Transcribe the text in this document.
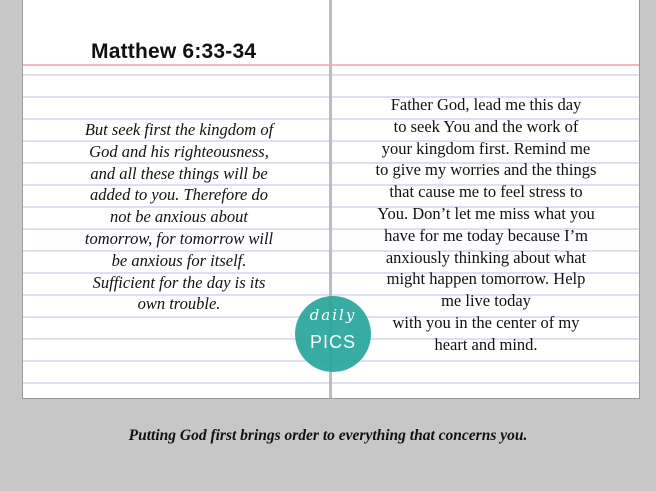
Matthew 6:33-34
But seek first the kingdom of
God and his righteousness,
and all these things will be
added to you. Therefore do
not be anxious about
tomorrow, for tomorrow will
be anxious for itself.
Sufficient for the day is its
own trouble.
Father God, lead me this day
to seek You and the work of
your kingdom first. Remind me
to give my worries and the things
that cause me to feel stress to
You. Don’t let me miss what you
have for me today because I’m
anxiously thinking about what
might happen tomorrow. Help
me live today
with you in the center of my
heart and mind.
daily
PICS
Putting God first brings order to everything that concerns you.
